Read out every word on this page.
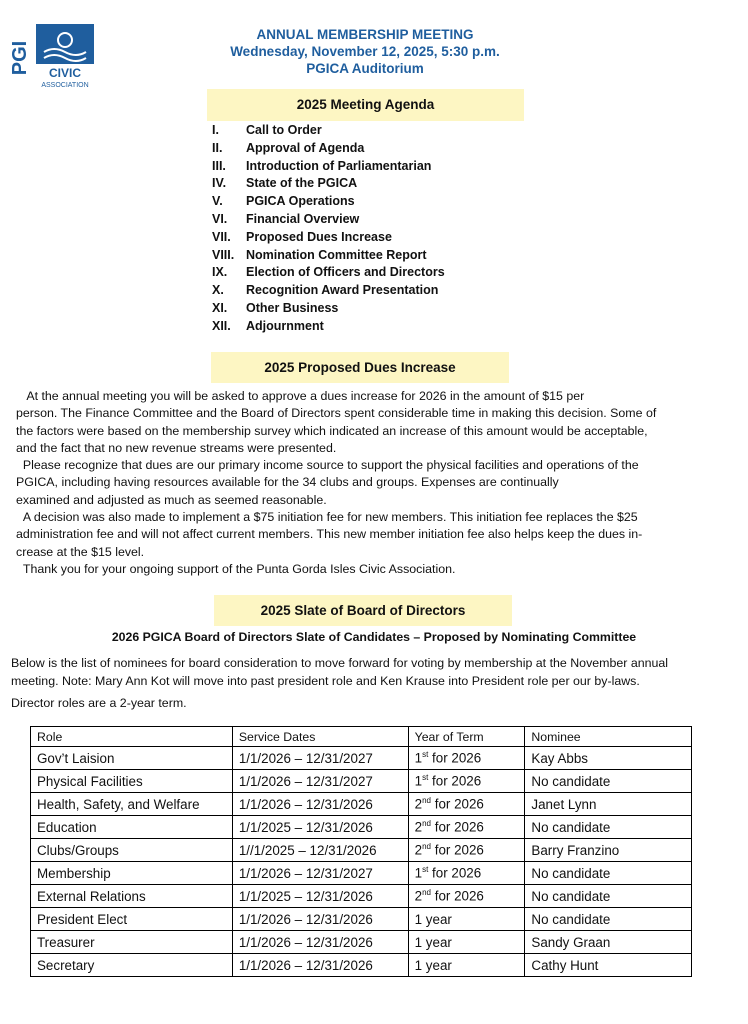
PGI CIVIC
ASSOCIATION
ANNUAL MEMBERSHIP MEETING
Wednesday, November 12, 2025, 5:30 p.m.
PGICA Auditorium
2025 Meeting Agenda
I.	Call to Order
II.	Approval of Agenda
III.	Introduction of Parliamentarian
IV.	State of the PGICA
V.	PGICA Operations
VI.	Financial Overview
VII.	Proposed Dues Increase
VIII. Nomination Committee Report
IX.	Election of Officers and Directors
X.	Recognition Award Presentation
XI.	Other Business
XII.	Adjournment
2025 Proposed Dues Increase

At the annual meeting you will be asked to approve a dues increase for 2026 in the amount of $15 per

person. The Finance Committee and the Board of Directors spent considerable time in making this decision. Some of

the factors were based on the membership survey which indicated an increase of this amount would be acceptable,

and the fact that no new revenue streams were presented.

Please recognize that dues are our primary income source to support the physical facilities and operations of the

PGICA, including having resources available for the 34 clubs and groups. Expenses are continually

examined and adjusted as much as seemed reasonable.

A decision was also made to implement a $75 initiation fee for new members. This initiation fee replaces the $25

administration fee and will not affect current members. This new member initiation fee also helps keep the dues in-

crease at the $15 level.

Thank you for your ongoing support of the Punta Gorda Isles Civic Association.

2025 Slate of Board of Directors
2026 PGICA Board of Directors Slate of Candidates – Proposed by Nominating Committee

Below is the list of nominees for board consideration to move forward for voting by membership at the November annual

meeting. Note: Mary Ann Kot will move into past president role and Ken Krause into President role per our by-laws.

Director roles are a 2-year term.
Role	Service Dates	Year of Term	Nominee
Gov’t Laision	1/1/2026 – 12/31/2027	1st for 2026	Kay Abbs
Physical Facilities	1/1/2026 – 12/31/2027	1st for 2026	No candidate
Health, Safety, and Welfare	1/1/2026 – 12/31/2026	2nd for 2026	Janet Lynn
Education	1/1/2025 – 12/31/2026	2nd for 2026	No candidate
Clubs/Groups	1//1/2025 – 12/31/2026	2nd for 2026	Barry Franzino
Membership	1/1/2026 – 12/31/2027	1st for 2026	No candidate
External Relations	1/1/2025 – 12/31/2026	2nd for 2026	No candidate
President Elect	1/1/2026 – 12/31/2026	1 year	No candidate
Treasurer	1/1/2026 – 12/31/2026	1 year	Sandy Graan
Secretary	1/1/2026 – 12/31/2026	1 year	Cathy Hunt
